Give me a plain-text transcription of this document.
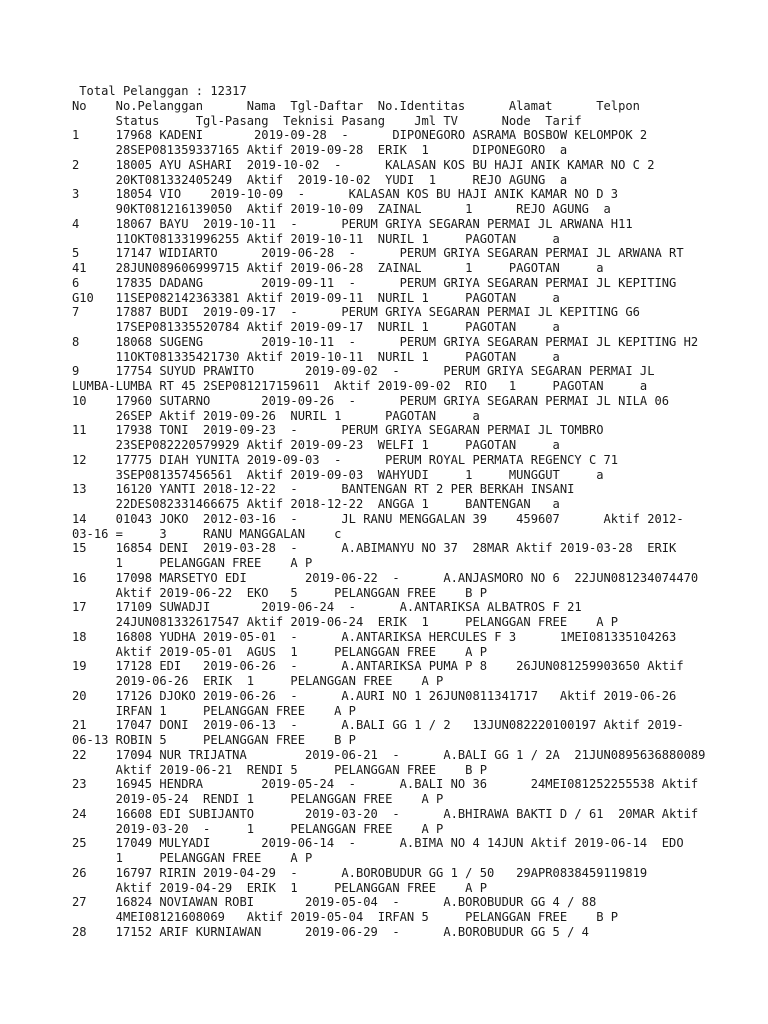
Total Pelanggan : 12317
No    No.Pelanggan      Nama  Tgl-Daftar  No.Identitas      Alamat      Telpon
Status     Tgl-Pasang  Teknisi Pasang    Jml TV      Node  Tarif
1     17968 KADENI       2019-09-28  -      DIPONEGORO ASRAMA BOSBOW KELOMPOK 2
28SEP081359337165 Aktif 2019-09-28  ERIK  1      DIPONEGORO  a
2     18005 AYU ASHARI  2019-10-02  -      KALASAN KOS BU HAJI ANIK KAMAR NO C 2
20KT081332405249  Aktif  2019-10-02  YUDI  1     REJO AGUNG  a
3     18054 VIO    2019-10-09  -      KALASAN KOS BU HAJI ANIK KAMAR NO D 3
90KT081216139050  Aktif 2019-10-09  ZAINAL      1      REJO AGUNG  a
4     18067 BAYU  2019-10-11  -      PERUM GRIYA SEGARAN PERMAI JL ARWANA H11
11OKT081331996255 Aktif 2019-10-11  NURIL 1     PAGOTAN     a
5     17147 WIDIARTO      2019-06-28  -      PERUM GRIYA SEGARAN PERMAI JL ARWANA RT
41    28JUN089606999715 Aktif 2019-06-28  ZAINAL      1     PAGOTAN     a
6     17835 DADANG        2019-09-11  -      PERUM GRIYA SEGARAN PERMAI JL KEPITING
G10   11SEP082142363381 Aktif 2019-09-11  NURIL 1     PAGOTAN     a
7     17887 BUDI  2019-09-17  -      PERUM GRIYA SEGARAN PERMAI JL KEPITING G6
17SEP081335520784 Aktif 2019-09-17  NURIL 1     PAGOTAN     a
8     18068 SUGENG        2019-10-11  -      PERUM GRIYA SEGARAN PERMAI JL KEPITING H2
11OKT081335421730 Aktif 2019-10-11  NURIL 1     PAGOTAN     a
9     17754 SUYUD PRAWITO       2019-09-02  -      PERUM GRIYA SEGARAN PERMAI JL
LUMBA-LUMBA RT 45 2SEP081217159611  Aktif 2019-09-02  RIO   1     PAGOTAN     a
10    17960 SUTARNO       2019-09-26  -      PERUM GRIYA SEGARAN PERMAI JL NILA 06
26SEP Aktif 2019-09-26  NURIL 1      PAGOTAN     a
11    17938 TONI  2019-09-23  -      PERUM GRIYA SEGARAN PERMAI JL TOMBRO
23SEP082220579929 Aktif 2019-09-23  WELFI 1     PAGOTAN     a
12    17775 DIAH YUNITA 2019-09-03  -      PERUM ROYAL PERMATA REGENCY C 71
3SEP081357456561  Aktif 2019-09-03  WAHYUDI     1     MUNGGUT     a
13    16120 YANTI 2018-12-22  -      BANTENGAN RT 2 PER BERKAH INSANI
22DES082331466675 Aktif 2018-12-22  ANGGA 1     BANTENGAN   a
14    01043 JOKO  2012-03-16  -      JL RANU MENGGALAN 39    459607      Aktif 2012-
03-16 =     3     RANU MANGGALAN    c
15    16854 DENI  2019-03-28  -      A.ABIMANYU NO 37  28MAR Aktif 2019-03-28  ERIK
1     PELANGGAN FREE    A P
16    17098 MARSETYO EDI        2019-06-22  -      A.ANJASMORO NO 6  22JUN081234074470
Aktif 2019-06-22  EKO   5     PELANGGAN FREE    B P
17    17109 SUWADJI       2019-06-24  -      A.ANTARIKSA ALBATROS F 21
24JUN081332617547 Aktif 2019-06-24  ERIK  1     PELANGGAN FREE    A P
18    16808 YUDHA 2019-05-01  -      A.ANTARIKSA HERCULES F 3      1MEI081335104263
Aktif 2019-05-01  AGUS  1     PELANGGAN FREE    A P
19    17128 EDI   2019-06-26  -      A.ANTARIKSA PUMA P 8    26JUN081259903650 Aktif
2019-06-26  ERIK  1     PELANGGAN FREE    A P
20    17126 DJOKO 2019-06-26  -      A.AURI NO 1 26JUN0811341717   Aktif 2019-06-26
IRFAN 1     PELANGGAN FREE    A P
21    17047 DONI  2019-06-13  -      A.BALI GG 1 / 2   13JUN082220100197 Aktif 2019-
06-13 ROBIN 5     PELANGGAN FREE    B P
22    17094 NUR TRIJATNA        2019-06-21  -      A.BALI GG 1 / 2A  21JUN0895636880089
Aktif 2019-06-21  RENDI 5     PELANGGAN FREE    B P
23    16945 HENDRA        2019-05-24  -      A.BALI NO 36      24MEI081252255538 Aktif
2019-05-24  RENDI 1     PELANGGAN FREE    A P
24    16608 EDI SUBIJANTO       2019-03-20  -      A.BHIRAWA BAKTI D / 61  20MAR Aktif
2019-03-20  -     1     PELANGGAN FREE    A P
25    17049 MULYADI       2019-06-14  -      A.BIMA NO 4 14JUN Aktif 2019-06-14  EDO
1     PELANGGAN FREE    A P
26    16797 RIRIN 2019-04-29  -      A.BOROBUDUR GG 1 / 50   29APR0838459119819
Aktif 2019-04-29  ERIK  1     PELANGGAN FREE    A P
27    16824 NOVIAWAN ROBI       2019-05-04  -      A.BOROBUDUR GG 4 / 88
4MEI08121608069   Aktif 2019-05-04  IRFAN 5     PELANGGAN FREE    B P
28    17152 ARIF KURNIAWAN      2019-06-29  -      A.BOROBUDUR GG 5 / 4
